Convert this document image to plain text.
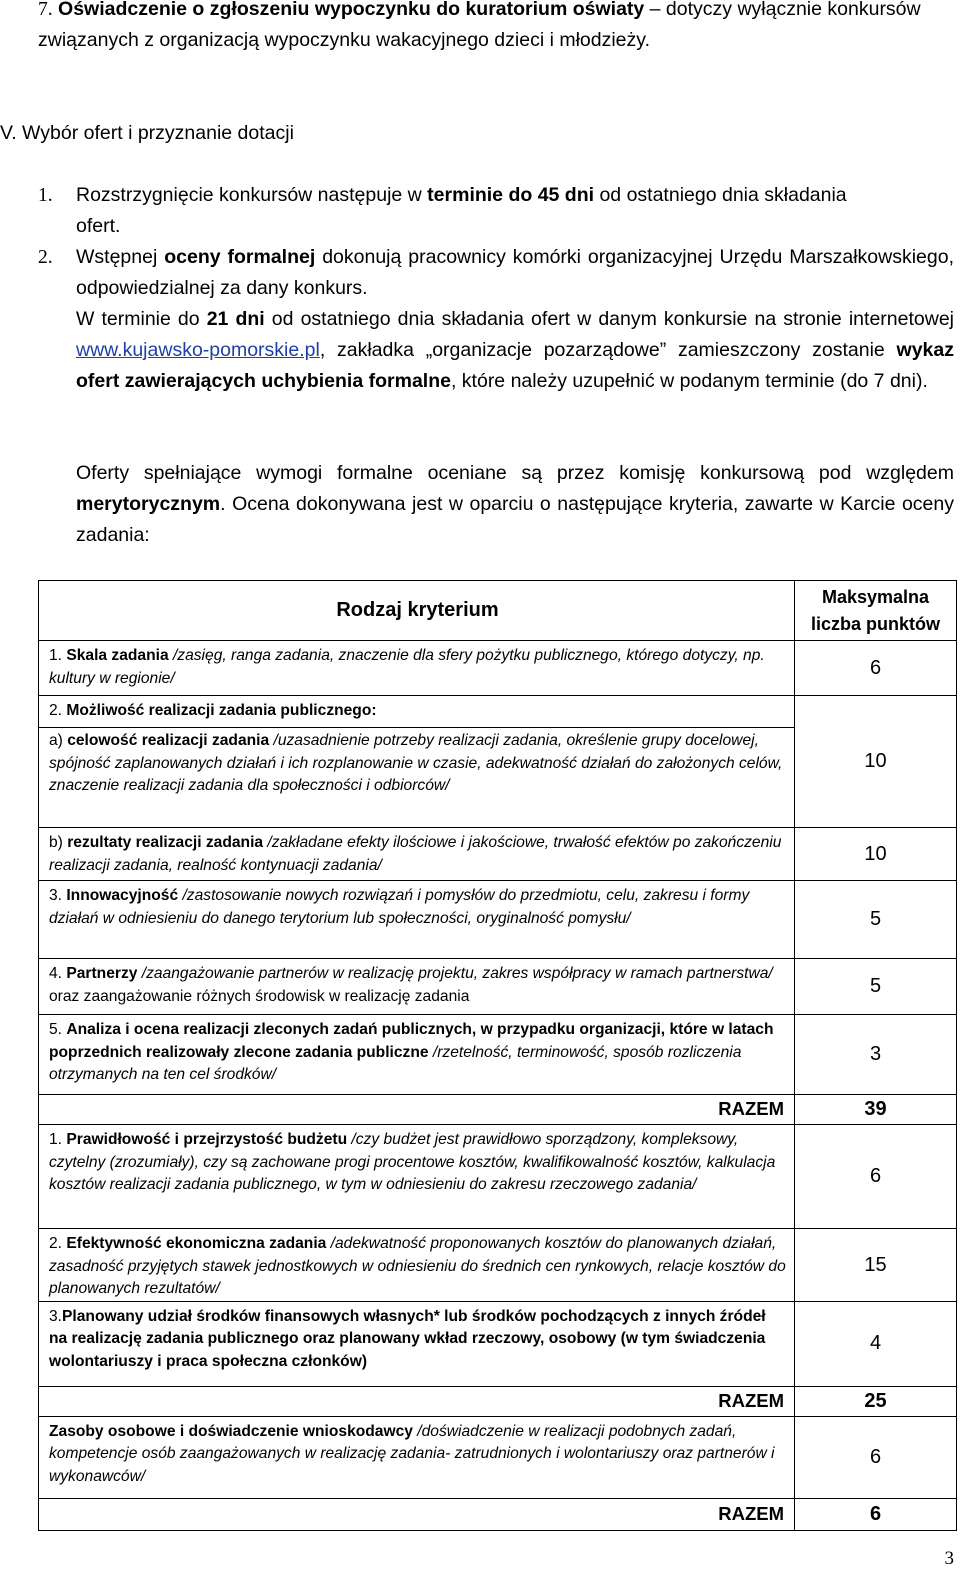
7. Oświadczenie o zgłoszeniu wypoczynku do kuratorium oświaty – dotyczy wyłącznie konkursów związanych z organizacją wypoczynku wakacyjnego dzieci i młodzieży.
V. Wybór ofert i przyznanie dotacji
1. Rozstrzygnięcie konkursów następuje w terminie do 45 dni od ostatniego dnia składania ofert.
2. Wstępnej oceny formalnej dokonują pracownicy komórki organizacyjnej Urzędu Marszałkowskiego, odpowiedzialnej za dany konkurs.
W terminie do 21 dni od ostatniego dnia składania ofert w danym konkursie na stronie internetowej www.kujawsko-pomorskie.pl, zakładka „organizacje pozarządowe” zamieszczony zostanie wykaz ofert zawierających uchybienia formalne, które należy uzupełnić w podanym terminie (do 7 dni).
Oferty spełniające wymogi formalne oceniane są przez komisję konkursową pod względem merytorycznym. Ocena dokonywana jest w oparciu o następujące kryteria, zawarte w Karcie oceny zadania:
Rodzaj kryterium	Maksymalna liczba punktów
1. Skala zadania /zasięg, ranga zadania, znaczenie dla sfery pożytku publicznego, którego dotyczy, np. kultury w regionie/	6
2. Możliwość realizacji zadania publicznego:	10
a) celowość realizacji zadania /uzasadnienie potrzeby realizacji zadania, określenie grupy docelowej, spójność zaplanowanych działań i ich rozplanowanie w czasie, adekwatność działań do założonych celów, znaczenie realizacji zadania dla społeczności i odbiorców/	
b) rezultaty realizacji zadania /zakładane efekty ilościowe i jakościowe, trwałość efektów po zakończeniu realizacji zadania, realność kontynuacji zadania/	10
3. Innowacyjność /zastosowanie nowych rozwiązań i pomysłów do przedmiotu, celu, zakresu i formy działań w odniesieniu do danego terytorium lub społeczności, oryginalność pomysłu/	5
4. Partnerzy /zaangażowanie partnerów w realizację projektu, zakres współpracy w ramach partnerstwa/ oraz zaangażowanie różnych środowisk w realizację zadania	5
5. Analiza i ocena realizacji zleconych zadań publicznych, w przypadku organizacji, które w latach poprzednich realizowały zlecone zadania publiczne /rzetelność, terminowość, sposób rozliczenia otrzymanych na ten cel środków/	3
RAZEM	39
1. Prawidłowość i przejrzystość budżetu /czy budżet jest prawidłowo sporządzony, kompleksowy, czytelny (zrozumiały), czy są zachowane progi procentowe kosztów, kwalifikowalność kosztów, kalkulacja kosztów realizacji zadania publicznego, w tym w odniesieniu do zakresu rzeczowego zadania/	6
2. Efektywność ekonomiczna zadania /adekwatność proponowanych kosztów do planowanych działań, zasadność przyjętych stawek jednostkowych w odniesieniu do średnich cen rynkowych, relacje kosztów do planowanych rezultatów/	15
3.Planowany udział środków finansowych własnych* lub środków pochodzących z innych źródeł na realizację zadania publicznego oraz planowany wkład rzeczowy, osobowy (w tym świadczenia wolontariuszy i praca społeczna członków)	4
RAZEM	25
Zasoby osobowe i doświadczenie wnioskodawcy /doświadczenie w realizacji podobnych zadań, kompetencje osób zaangażowanych w realizację zadania- zatrudnionych i wolontariuszy oraz partnerów i wykonawców/	6
RAZEM	6
3
